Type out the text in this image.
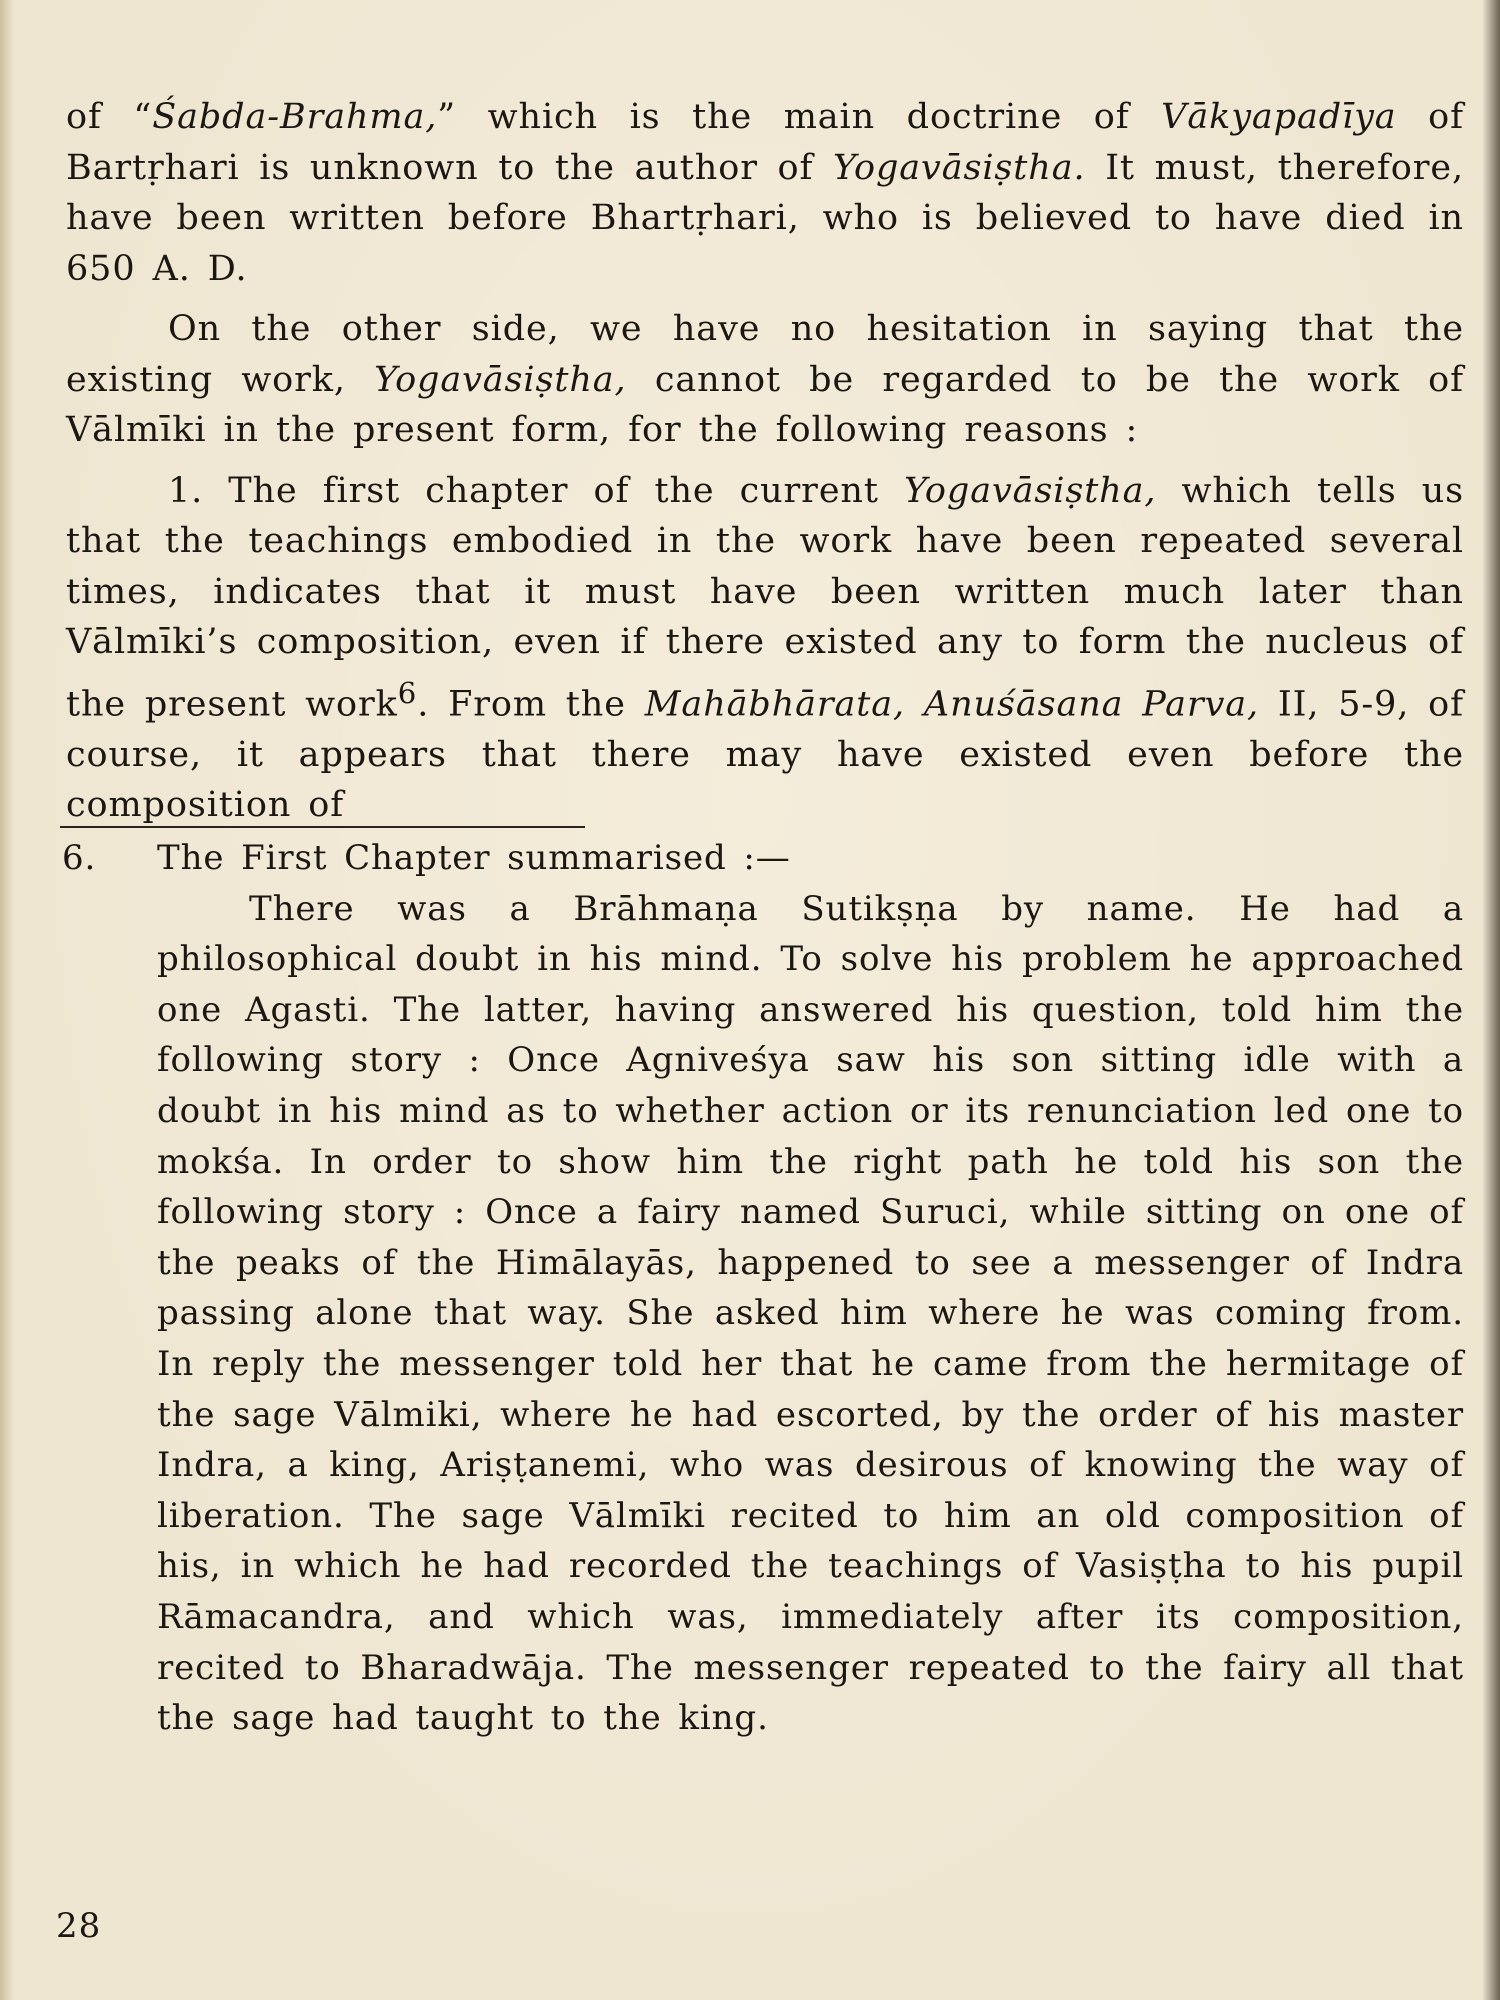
of “Śabda-Brahma,” which is the main doctrine of Vākyapadīya of Bartṛhari is unknown to the author of Yogavāsiṣtha. It must, therefore, have been written before Bhartṛhari, who is believed to have died in 650 A. D.

On the other side, we have no hesitation in saying that the existing work, Yogavāsiṣtha, cannot be regarded to be the work of Vālmīki in the present form, for the following reasons :

1. The first chapter of the current Yogavāsiṣtha, which tells us that the teachings embodied in the work have been repeated several times, indicates that it must have been written much later than Vālmīki’s composition, even if there existed any to form the nucleus of the present work$^6$. From the Mahābhārata, Anuśāsana Parva, II, 5-9, of course, it appears that there may have existed even before the composition of

6.	The First Chapter summarised :—

There was a Brāhmaṇa Sutikṣṇa by name. He had a philosophical doubt in his mind. To solve his problem he approached one Agasti. The latter, having answered his question, told him the following story : Once Agniveśya saw his son sitting idle with a doubt in his mind as to whether action or its renunciation led one to mokśa. In order to show him the right path he told his son the following story : Once a fairy named Suruci, while sitting on one of the peaks of the Himālayās, happened to see a messenger of Indra passing alone that way. She asked him where he was coming from. In reply the messenger told her that he came from the hermitage of the sage Vālmiki, where he had escorted, by the order of his master Indra, a king, Ariṣṭanemi, who was desirous of knowing the way of liberation. The sage Vālmīki recited to him an old composition of his, in which he had recorded the teachings of Vasiṣṭha to his pupil Rāmacandra, and which was, immediately after its composition, recited to Bharadwāja. The messenger repeated to the fairy all that the sage had taught to the king.

28
